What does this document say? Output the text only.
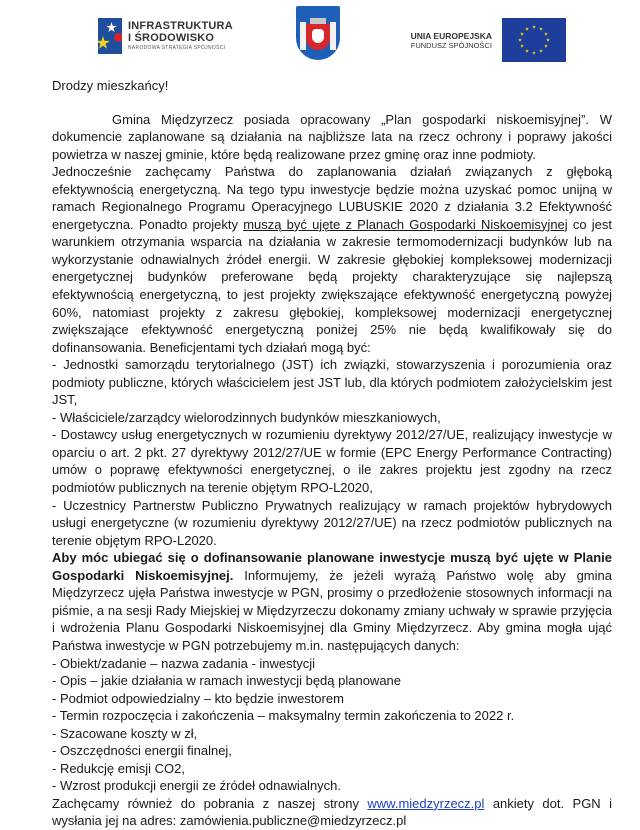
INFRASTRUKTURA
I ŚRODOWISKO
NARODOWA STRATEGIA SPÓJNOŚCI
UNIA EUROPEJSKA
FUNDUSZ SPÓJNOŚCI

Drodzy mieszkańcy!

Gmina Międzyrzecz posiada opracowany „Plan gospodarki niskoemisyjnej”. W dokumencie zaplanowane są działania na najbliższe lata na rzecz ochrony i poprawy jakości powietrza w naszej gminie, które będą realizowane przez gminę oraz inne podmioty.

Jednocześnie zachęcamy Państwa do zaplanowania działań związanych z głęboką efektywnością energetyczną. Na tego typu inwestycje będzie można uzyskać pomoc unijną w ramach Regionalnego Programu Operacyjnego LUBUSKIE 2020 z działania 3.2 Efektywność energetyczna. Ponadto projekty muszą być ujęte z Planach Gospodarki Niskoemisyjnej co jest warunkiem otrzymania wsparcia na działania w zakresie termomodernizacji budynków lub na wykorzystanie odnawialnych źródeł energii. W zakresie głębokiej kompleksowej modernizacji energetycznej budynków preferowane będą projekty charakteryzujące się najlepszą efektywnością energetyczną, to jest projekty zwiększające efektywność energetyczną powyżej 60%, natomiast projekty z zakresu głębokiej, kompleksowej modernizacji energetycznej zwiększające efektywność energetyczną poniżej 25% nie będą kwalifikowały się do dofinansowania. Beneficjentami tych działań mogą być:

- Jednostki samorządu terytorialnego (JST) ich związki, stowarzyszenia i porozumienia oraz podmioty publiczne, których właścicielem jest JST lub, dla których podmiotem założycielskim jest JST,

- Właściciele/zarządcy wielorodzinnych budynków mieszkaniowych,

- Dostawcy usług energetycznych w rozumieniu dyrektywy 2012/27/UE, realizujący inwestycje w oparciu o art. 2 pkt. 27 dyrektywy 2012/27/UE w formie (EPC Energy Performance Contracting) umów o poprawę efektywności energetycznej, o ile zakres projektu jest zgodny na rzecz podmiotów publicznych na terenie objętym RPO-L2020,

- Uczestnicy Partnerstw Publiczno Prywatnych realizujący w ramach projektów hybrydowych usługi energetyczne (w rozumieniu dyrektywy 2012/27/UE) na rzecz podmiotów publicznych na terenie objętym RPO-L2020.

Aby móc ubiegać się o dofinansowanie planowane inwestycje muszą być ujęte w Planie Gospodarki Niskoemisyjnej. Informujemy, że jeżeli wyrażą Państwo wolę aby gmina Międzyrzecz ujęła Państwa inwestycje w PGN, prosimy o przedłożenie stosownych informacji na piśmie, a na sesji Rady Miejskiej w Międzyrzeczu dokonamy zmiany uchwały w sprawie przyjęcia i wdrożenia Planu Gospodarki Niskoemisyjnej dla Gminy Międzyrzecz. Aby gmina mogła ująć Państwa inwestycje w PGN potrzebujemy m.in. następujących danych:

- Obiekt/zadanie – nazwa zadania - inwestycji

- Opis – jakie działania w ramach inwestycji będą planowane

- Podmiot odpowiedzialny – kto będzie inwestorem

- Termin rozpoczęcia i zakończenia – maksymalny termin zakończenia to 2022 r.

- Szacowane koszty w zł,

- Oszczędności energii finalnej,

- Redukcję emisji CO2,

- Wzrost produkcji energii ze źródeł odnawialnych.

Zachęcamy również do pobrania z naszej strony www.miedzyrzecz.pl ankiety dot. PGN i wysłania jej na adres: zamówienia.publiczne@miedzyrzecz.pl
